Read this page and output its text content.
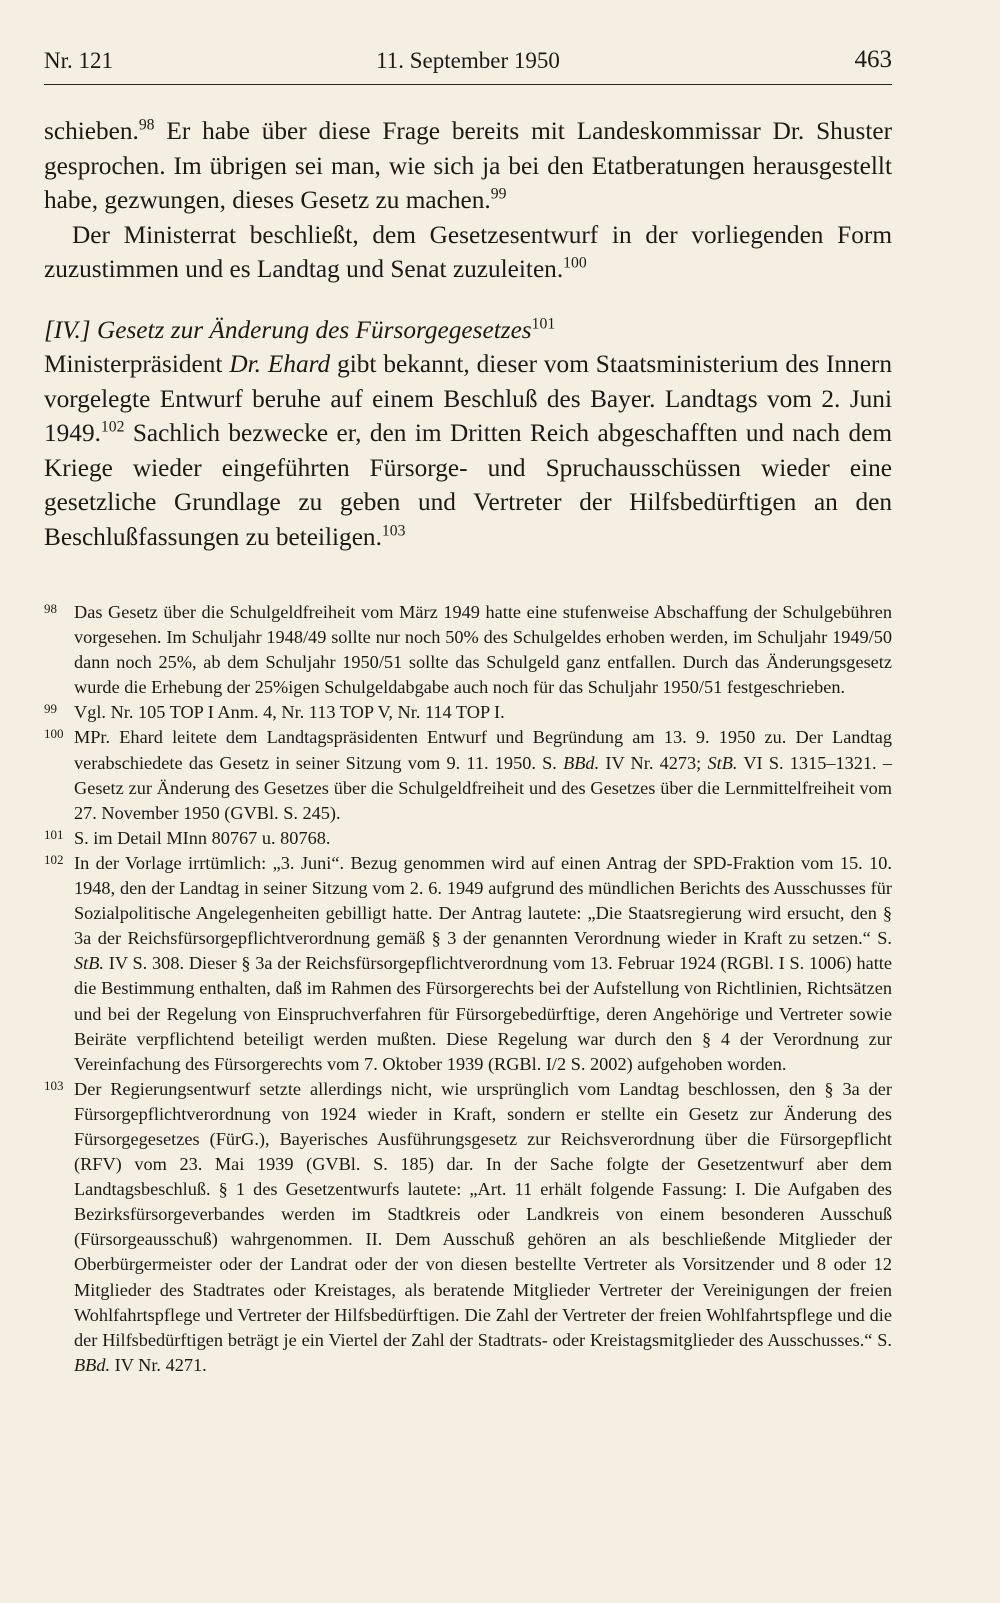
Nr. 121	11. September 1950	463

schieben.$^{98}$ Er habe über diese Frage bereits mit Landeskommissar Dr. Shuster gesprochen. Im übrigen sei man, wie sich ja bei den Etatberatungen herausgestellt habe, gezwungen, dieses Gesetz zu machen.$^{99}$

Der Ministerrat beschließt, dem Gesetzesentwurf in der vorliegenden Form zuzustimmen und es Landtag und Senat zuzuleiten.$^{100}$

[IV.] Gesetz zur Änderung des Fürsorgegesetzes$^{101}$

Ministerpräsident Dr. Ehard gibt bekannt, dieser vom Staatsministerium des Innern vorgelegte Entwurf beruhe auf einem Beschluß des Bayer. Landtags vom 2. Juni 1949.$^{102}$ Sachlich bezwecke er, den im Dritten Reich abgeschafften und nach dem Kriege wieder eingeführten Fürsorge- und Spruchausschüssen wieder eine gesetzliche Grundlage zu geben und Vertreter der Hilfsbedürftigen an den Beschlußfassungen zu beteiligen.$^{103}$

98 Das Gesetz über die Schulgeldfreiheit vom März 1949 hatte eine stufenweise Abschaffung der Schulgebühren vorgesehen. Im Schuljahr 1948/49 sollte nur noch 50% des Schulgeldes erhoben werden, im Schuljahr 1949/50 dann noch 25%, ab dem Schuljahr 1950/51 sollte das Schulgeld ganz entfallen. Durch das Änderungsgesetz wurde die Erhebung der 25%igen Schulgeldabgabe auch noch für das Schuljahr 1950/51 festgeschrieben.

99 Vgl. Nr. 105 TOP I Anm. 4, Nr. 113 TOP V, Nr. 114 TOP I.

100 MPr. Ehard leitete dem Landtagspräsidenten Entwurf und Begründung am 13. 9. 1950 zu. Der Landtag verabschiedete das Gesetz in seiner Sitzung vom 9. 11. 1950. S. BBd. IV Nr. 4273; StB. VI S. 1315–1321. – Gesetz zur Änderung des Gesetzes über die Schulgeldfreiheit und des Gesetzes über die Lernmittelfreiheit vom 27. November 1950 (GVBl. S. 245).

101 S. im Detail MInn 80767 u. 80768.

102 In der Vorlage irrtümlich: „3. Juni“. Bezug genommen wird auf einen Antrag der SPD-Fraktion vom 15. 10. 1948, den der Landtag in seiner Sitzung vom 2. 6. 1949 aufgrund des mündlichen Berichts des Ausschusses für Sozialpolitische Angelegenheiten gebilligt hatte. Der Antrag lautete: „Die Staatsregierung wird ersucht, den § 3a der Reichsfürsorgepflichtverordnung gemäß § 3 der genannten Verordnung wieder in Kraft zu setzen.“ S. StB. IV S. 308. Dieser § 3a der Reichsfürsorgepflichtverordnung vom 13. Februar 1924 (RGBl. I S. 1006) hatte die Bestimmung enthalten, daß im Rahmen des Fürsorgerechts bei der Aufstellung von Richtlinien, Richtsätzen und bei der Regelung von Einspruchverfahren für Fürsorgebedürftige, deren Angehörige und Vertreter sowie Beiräte verpflichtend beteiligt werden mußten. Diese Regelung war durch den § 4 der Verordnung zur Vereinfachung des Fürsorgerechts vom 7. Oktober 1939 (RGBl. I/2 S. 2002) aufgehoben worden.

103 Der Regierungsentwurf setzte allerdings nicht, wie ursprünglich vom Landtag beschlossen, den § 3a der Fürsorgepflichtverordnung von 1924 wieder in Kraft, sondern er stellte ein Gesetz zur Änderung des Fürsorgegesetzes (FürG.), Bayerisches Ausführungsgesetz zur Reichsverordnung über die Fürsorgepflicht (RFV) vom 23. Mai 1939 (GVBl. S. 185) dar. In der Sache folgte der Gesetzentwurf aber dem Landtagsbeschluß. § 1 des Gesetzentwurfs lautete: „Art. 11 erhält folgende Fassung: I. Die Aufgaben des Bezirksfürsorgeverbandes werden im Stadtkreis oder Landkreis von einem besonderen Ausschuß (Fürsorgeausschuß) wahrgenommen. II. Dem Ausschuß gehören an als beschließende Mitglieder der Oberbürgermeister oder der Landrat oder der von diesen bestellte Vertreter als Vorsitzender und 8 oder 12 Mitglieder des Stadtrates oder Kreistages, als beratende Mitglieder Vertreter der Vereinigungen der freien Wohlfahrtspflege und Vertreter der Hilfsbedürftigen. Die Zahl der Vertreter der freien Wohlfahrtspflege und die der Hilfsbedürftigen beträgt je ein Viertel der Zahl der Stadtrats- oder Kreistagsmitglieder des Ausschusses.“ S. BBd. IV Nr. 4271.
